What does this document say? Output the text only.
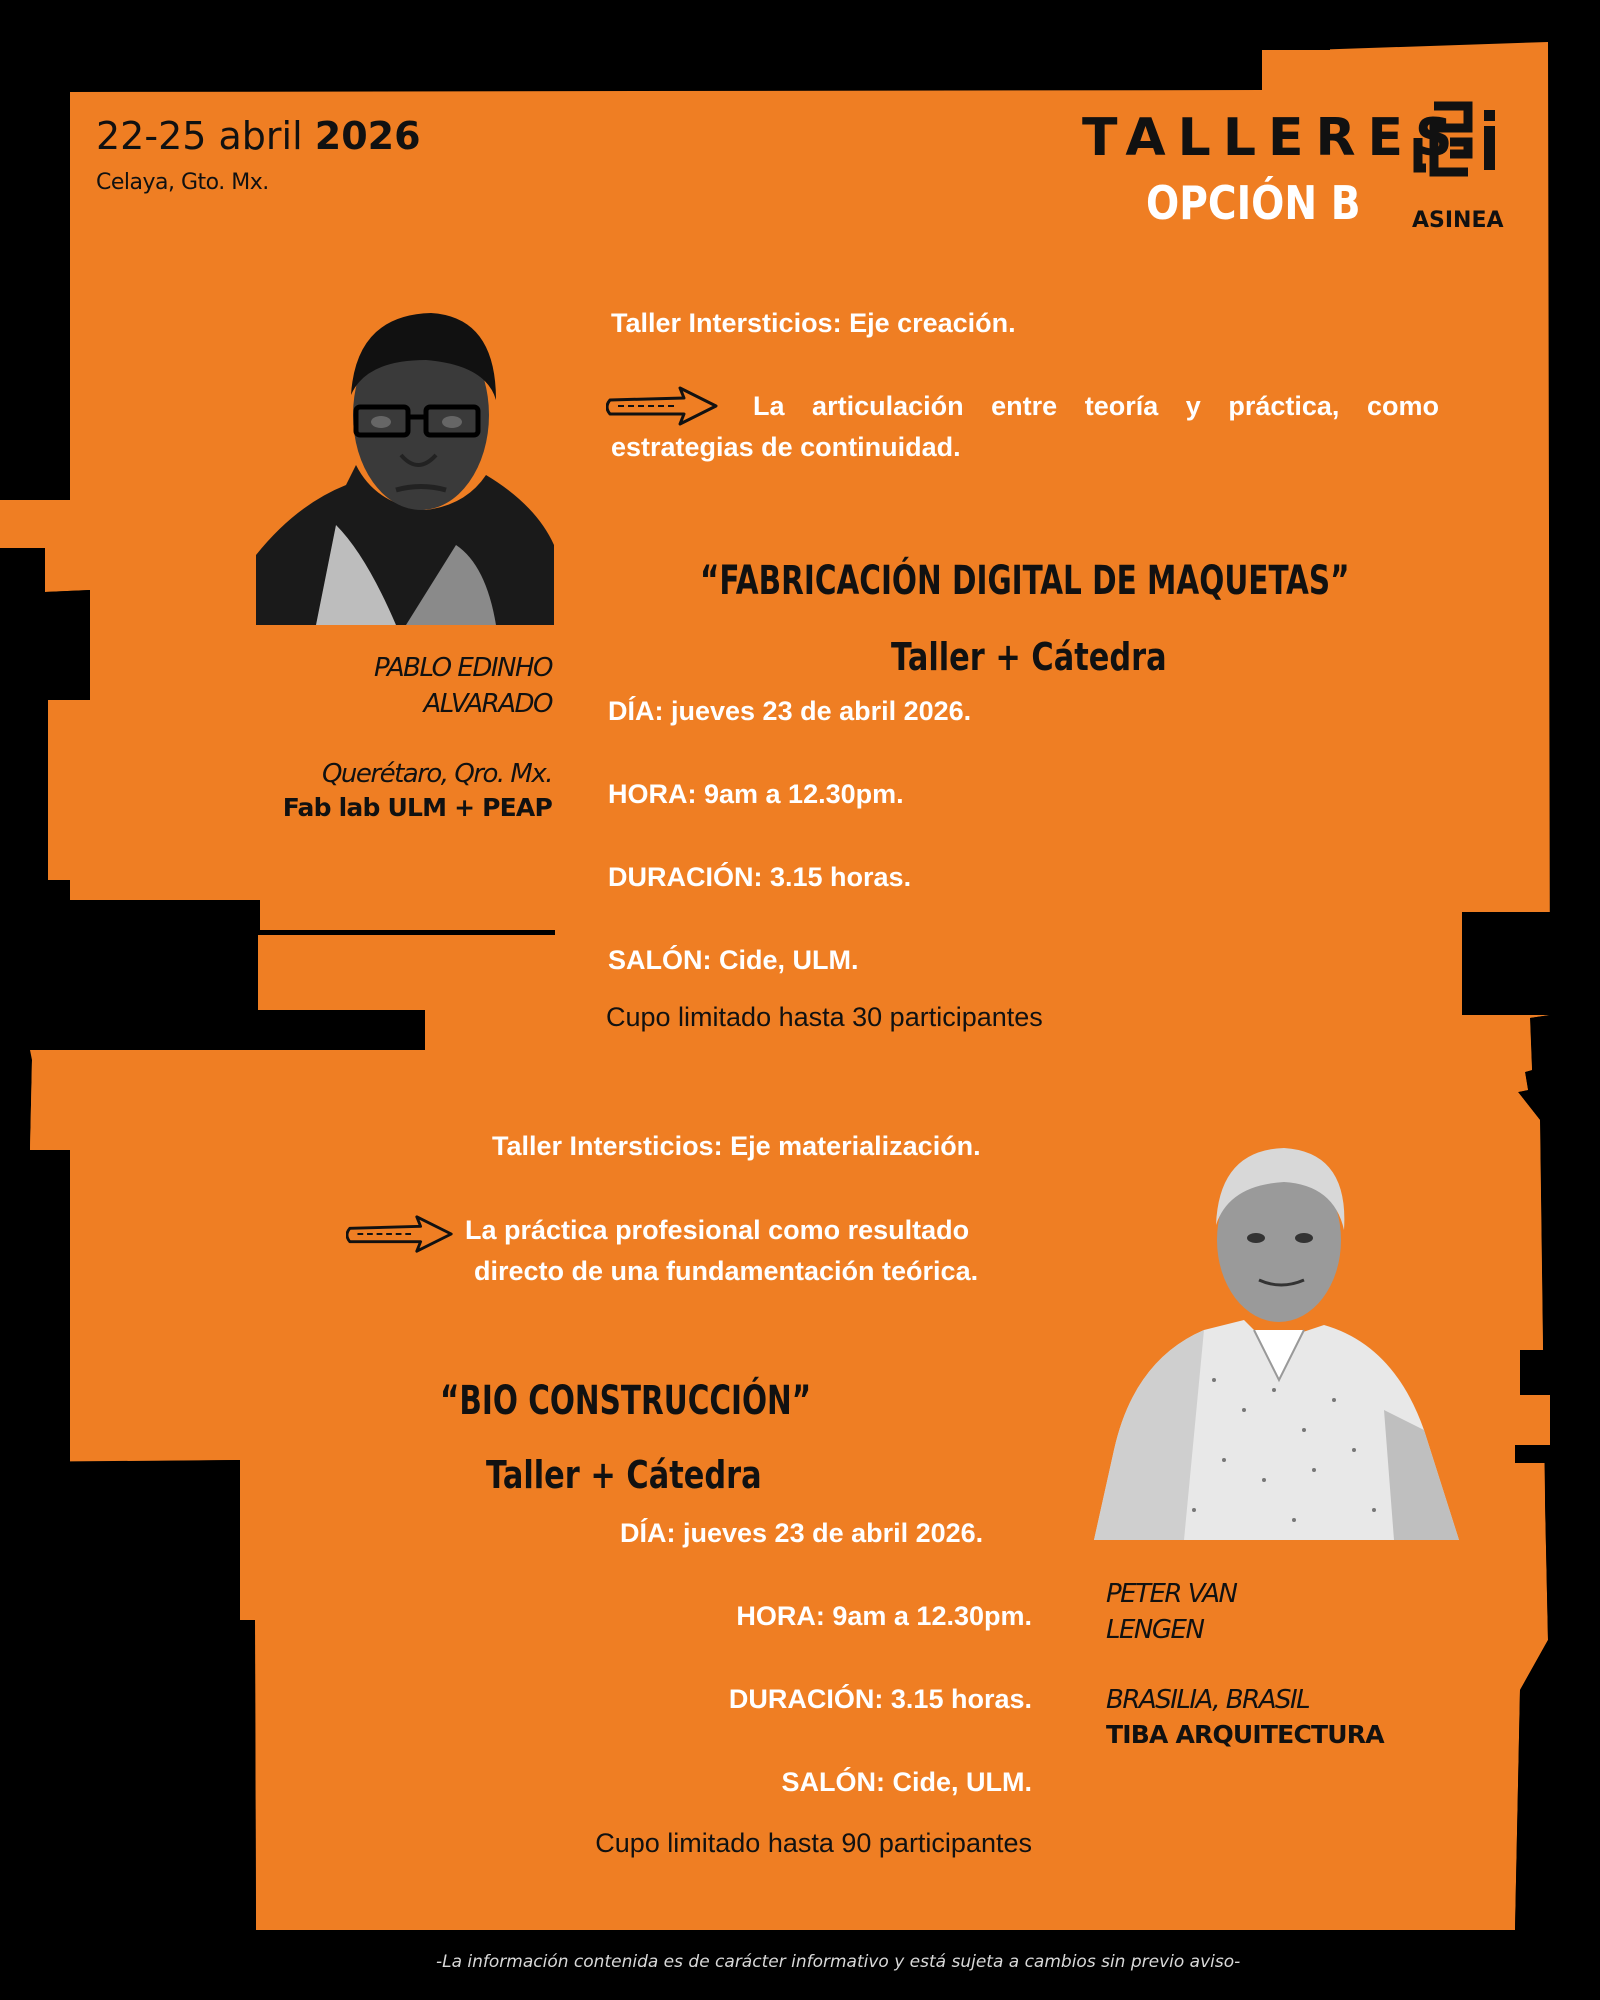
22-25 abril 2026
Celaya, Gto. Mx.
TALLERES
OPCIÓN B ASINEA
PABLO EDINHO
ALVARADO
Querétaro, Qro. Mx.
Fab lab ULM + PEAP
Taller Intersticios: Eje creación.
La articulación entre teoría y práctica, como estrategias de continuidad.
“FABRICACIÓN DIGITAL DE MAQUETAS”
Taller + Cátedra
DÍA: jueves 23 de abril 2026.
HORA: 9am a 12.30pm.
DURACIÓN: 3.15 horas.
SALÓN: Cide, ULM.
Cupo limitado hasta 30 participantes
Taller Intersticios: Eje materialización.
La práctica profesional como resultado
directo de una fundamentación teórica.
“BIO CONSTRUCCIÓN”
Taller + Cátedra
DÍA: jueves 23 de abril 2026.
HORA: 9am a 12.30pm.
DURACIÓN: 3.15 horas.
SALÓN: Cide, ULM.
Cupo limitado hasta 90 participantes
PETER VAN
LENGEN
BRASILIA, BRASIL
TIBA ARQUITECTURA
-La información contenida es de carácter informativo y está sujeta a cambios sin previo aviso-
